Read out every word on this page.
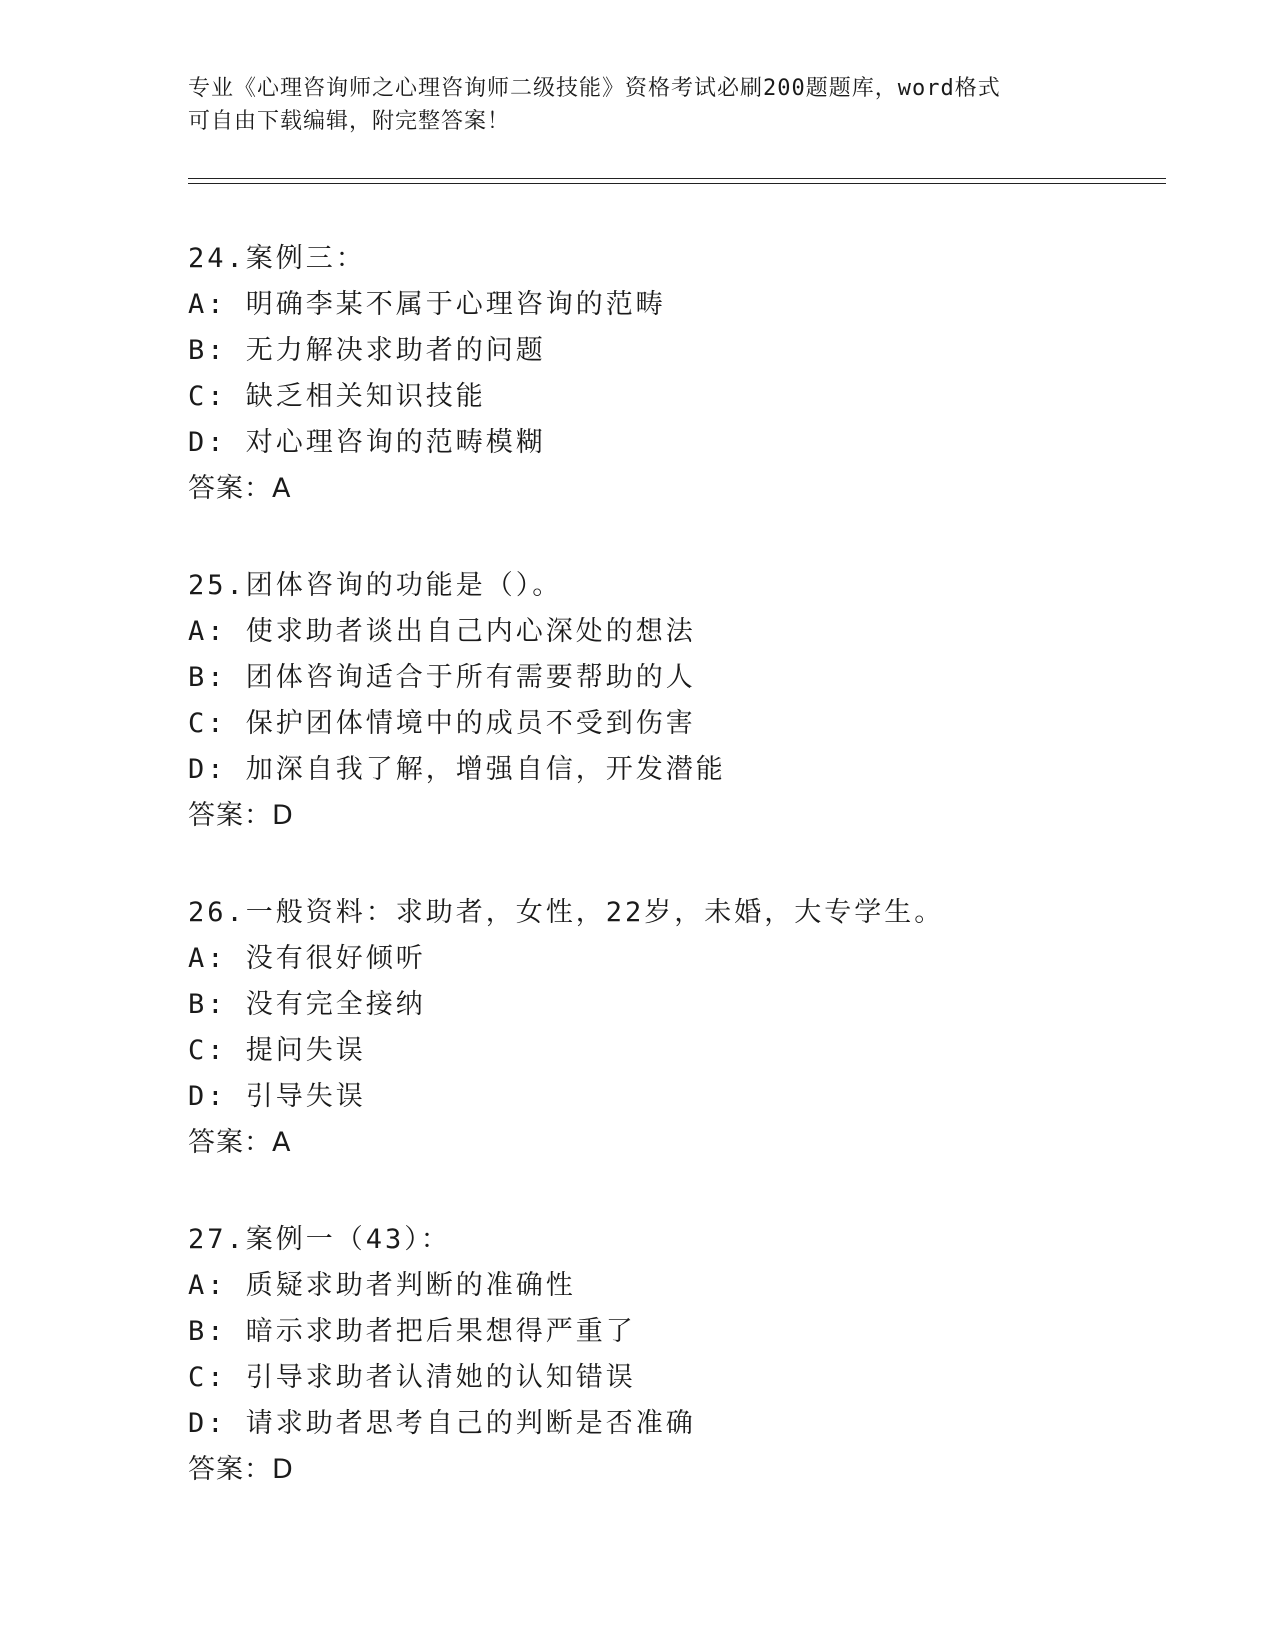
专业《心理咨询师之心理咨询师二级技能》资格考试必刷200题题库，word格式
可自由下载编辑，附完整答案！
24.案例三：
A: 明确李某不属于心理咨询的范畴
B: 无力解决求助者的问题
C: 缺乏相关知识技能
D: 对心理咨询的范畴模糊
答案：A
25.团体咨询的功能是（）。
A: 使求助者谈出自己内心深处的想法
B: 团体咨询适合于所有需要帮助的人
C: 保护团体情境中的成员不受到伤害
D: 加深自我了解，增强自信，开发潜能
答案：D
26.一般资料：求助者，女性，22岁，未婚，大专学生。
A: 没有很好倾听
B: 没有完全接纳
C: 提问失误
D: 引导失误
答案：A
27.案例一（43）：
A: 质疑求助者判断的准确性
B: 暗示求助者把后果想得严重了
C: 引导求助者认清她的认知错误
D: 请求助者思考自己的判断是否准确
答案：D
